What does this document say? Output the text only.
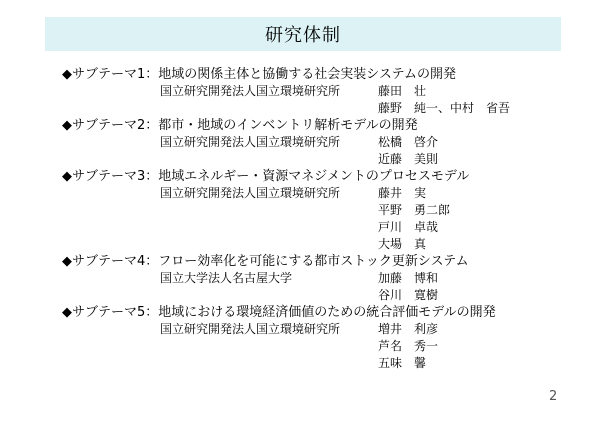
研究体制
◆サブテーマ1：地域の関係主体と協働する社会実装システムの開発
国立研究開発法人国立環境研究所	藤田　壮
藤野　純一、中村　省吾
◆サブテーマ2：都市・地域のインベントリ解析モデルの開発
国立研究開発法人国立環境研究所	松橋　啓介
近藤　美則
◆サブテーマ3：地域エネルギー・資源マネジメントのプロセスモデル
国立研究開発法人国立環境研究所	藤井　実
平野　勇二郎
戸川　卓哉
大場　真
◆サブテーマ4：フロー効率化を可能にする都市ストック更新システム
国立大学法人名古屋大学	加藤　博和
谷川　寛樹
◆サブテーマ5：地域における環境経済価値のための統合評価モデルの開発
国立研究開発法人国立環境研究所	増井　利彦
芦名　秀一
五味　馨
2
